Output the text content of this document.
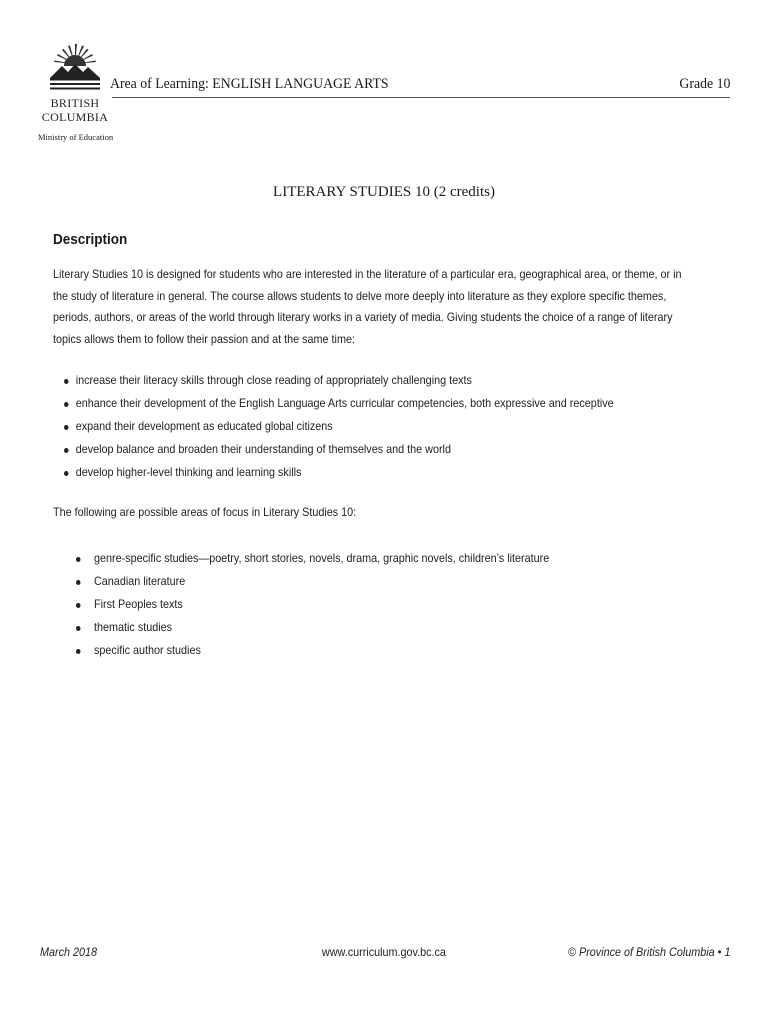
BRITISH
COLUMBIA
Ministry of Education
Area of Learning: ENGLISH LANGUAGE ARTS	Grade 10
LITERARY STUDIES 10 (2 credits)
Description
Literary Studies 10 is designed for students who are interested in the literature of a particular era, geographical area, or theme, or in the study of literature in general. The course allows students to delve more deeply into literature as they explore specific themes, periods, authors, or areas of the world through literary works in a variety of media. Giving students the choice of a range of literary topics allows them to follow their passion and at the same time:
increase their literacy skills through close reading of appropriately challenging texts
enhance their development of the English Language Arts curricular competencies, both expressive and receptive
expand their development as educated global citizens
develop balance and broaden their understanding of themselves and the world
develop higher-level thinking and learning skills
The following are possible areas of focus in Literary Studies 10:
genre-specific studies—poetry, short stories, novels, drama, graphic novels, children’s literature
Canadian literature
First Peoples texts
thematic studies
specific author studies
March 2018	www.curriculum.gov.bc.ca	© Province of British Columbia • 1
